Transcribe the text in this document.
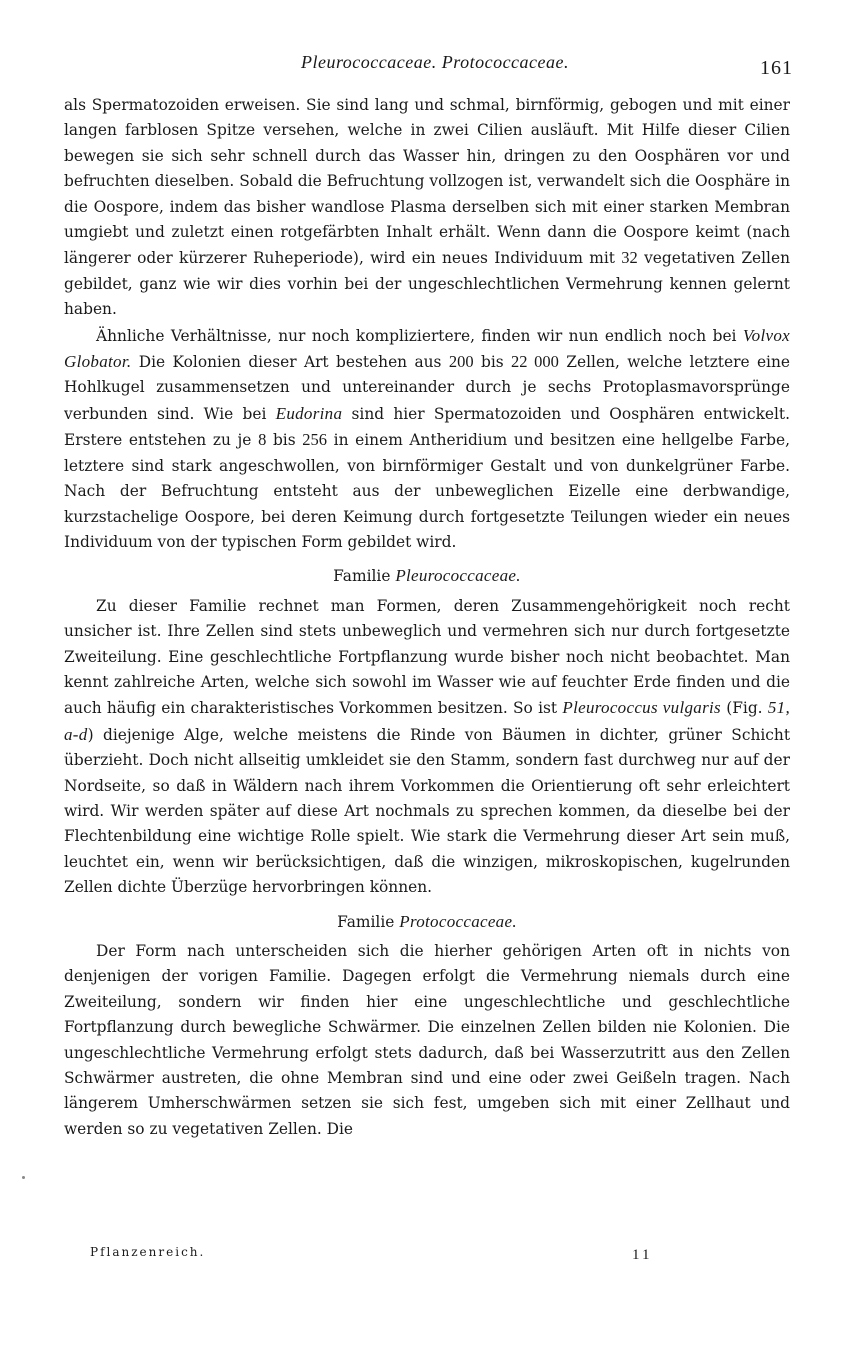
Pleurococcaceae. Protococcaceae.	161

als Spermatozoiden erweisen. Sie sind lang und schmal, birnförmig, gebogen und mit einer langen farblosen Spitze versehen, welche in zwei Cilien ausläuft. Mit Hilfe dieser Cilien bewegen sie sich sehr schnell durch das Wasser hin, dringen zu den Oosphären vor und befruchten dieselben. Sobald die Befruchtung vollzogen ist, verwandelt sich die Oosphäre in die Oospore, indem das bisher wandlose Plasma derselben sich mit einer starken Membran umgiebt und zuletzt einen rotgefärbten Inhalt erhält. Wenn dann die Oospore keimt (nach längerer oder kürzerer Ruheperiode), wird ein neues Individuum mit 32 vegetativen Zellen gebildet, ganz wie wir dies vorhin bei der ungeschlechtlichen Vermehrung kennen gelernt haben.

Ähnliche Verhältnisse, nur noch kompliziertere, finden wir nun endlich noch bei Volvox Globator. Die Kolonien dieser Art bestehen aus 200 bis 22 000 Zellen, welche letztere eine Hohlkugel zusammensetzen und untereinander durch je sechs Protoplasmavorsprünge verbunden sind. Wie bei Eudorina sind hier Spermatozoiden und Oosphären entwickelt. Erstere entstehen zu je 8 bis 256 in einem Antheridium und besitzen eine hellgelbe Farbe, letztere sind stark angeschwollen, von birnförmiger Gestalt und von dunkelgrüner Farbe. Nach der Befruchtung entsteht aus der unbeweglichen Eizelle eine derbwandige, kurzstachelige Oospore, bei deren Keimung durch fortgesetzte Teilungen wieder ein neues Individuum von der typischen Form gebildet wird.

Familie Pleurococcaceae.

Zu dieser Familie rechnet man Formen, deren Zusammengehörigkeit noch recht unsicher ist. Ihre Zellen sind stets unbeweglich und vermehren sich nur durch fortgesetzte Zweiteilung. Eine geschlechtliche Fortpflanzung wurde bisher noch nicht beobachtet. Man kennt zahlreiche Arten, welche sich sowohl im Wasser wie auf feuchter Erde finden und die auch häufig ein charakteristisches Vorkommen besitzen. So ist Pleurococcus vulgaris (Fig. 51, a-d) diejenige Alge, welche meistens die Rinde von Bäumen in dichter, grüner Schicht überzieht. Doch nicht allseitig umkleidet sie den Stamm, sondern fast durchweg nur auf der Nordseite, so daß in Wäldern nach ihrem Vorkommen die Orientierung oft sehr erleichtert wird. Wir werden später auf diese Art nochmals zu sprechen kommen, da dieselbe bei der Flechtenbildung eine wichtige Rolle spielt. Wie stark die Vermehrung dieser Art sein muß, leuchtet ein, wenn wir berücksichtigen, daß die winzigen, mikroskopischen, kugelrunden Zellen dichte Überzüge hervorbringen können.

Familie Protococcaceae.

Der Form nach unterscheiden sich die hierher gehörigen Arten oft in nichts von denjenigen der vorigen Familie. Dagegen erfolgt die Vermehrung niemals durch eine Zweiteilung, sondern wir finden hier eine ungeschlechtliche und geschlechtliche Fortpflanzung durch bewegliche Schwärmer. Die einzelnen Zellen bilden nie Kolonien. Die ungeschlechtliche Vermehrung erfolgt stets dadurch, daß bei Wasserzutritt aus den Zellen Schwärmer austreten, die ohne Membran sind und eine oder zwei Geißeln tragen. Nach längerem Umherschwärmen setzen sie sich fest, umgeben sich mit einer Zellhaut und werden so zu vegetativen Zellen. Die

Pflanzenreich.	11
